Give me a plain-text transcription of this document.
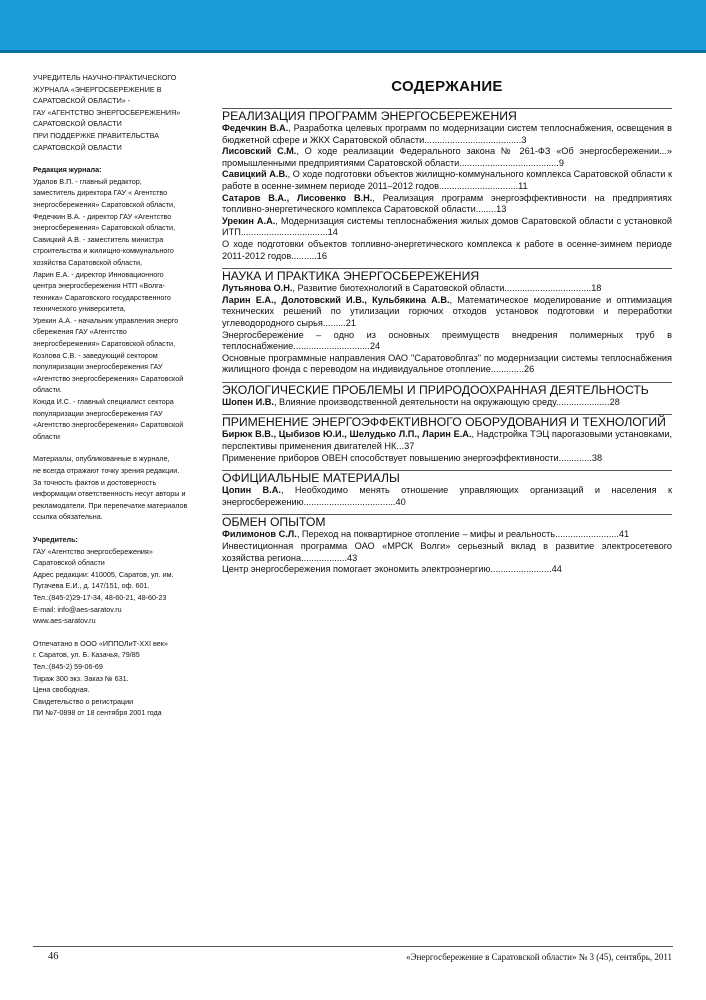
УЧРЕДИТЕЛЬ НАУЧНО-ПРАКТИЧЕСКОГО
ЖУРНАЛА «ЭНЕРГОСБЕРЕЖЕНИЕ В
САРАТОВСКОЙ ОБЛАСТИ» -
ГАУ «АГЕНТСТВО ЭНЕРГОСБЕРЕЖЕНИЯ»
САРАТОВСКОЙ ОБЛАСТИ
ПРИ ПОДДЕРЖКЕ ПРАВИТЕЛЬСТВА
САРАТОВСКОЙ ОБЛАСТИ
Редакция журнала:
Удалов В.П. - главный редактор,
заместитель директора ГАУ « Агентство
энергосбережения» Саратовской области,
Федечкин В.А. - директор ГАУ «Агентство
энергосбережения» Саратовской области,
Савицкий А.В. - заместитель министра
строительства и жилищно-коммунального
хозяйства Саратовской области,
Ларин Е.А. - директор Инновационного
центра энергосбережения НТП «Волга-
техника» Саратовского государственного
технического университета,
Урекин А.А. - начальник управления энерго
сбережения ГАУ «Агентство
энергосбережения» Саратовской области,
Козлова С.В. - заведующий сектором
популяризации энергосбережения ГАУ
«Агентство энергосбережения» Саратовской
области.
Коюда И.С. - главный специалист сектора
популяризации энергосбережения ГАУ
«Агентство энергосбережения» Саратовской
области
Материалы, опубликованные в журнале,
не всегда отражают точку зрения редакции.
За точность фактов и достоверность
информации ответственность несут авторы и
рекламодатели. При перепечатке материалов
ссылка обязательна.
Учредитель:
ГАУ «Агентство энергосбережения»
Саратовской области
Адрес редакции: 410005, Саратов, ул. им.
Пугачева Е.И., д. 147/151, оф. 601.
Тел.:(845-2)29-17-34, 48-60-21, 48-60-23
E-mail: info@aes-saratov.ru
www.aes-saratov.ru
Отпечатано в ООО «ИППОЛиТ-XXI век»
г. Саратов, ул. Б. Казачья, 79/85
Тел.:(845-2) 59-06-69
Тираж 300 экз. Заказ № 631.
Цена свободная.
Свидетельство о регистрации
ПИ №7-0898 от 18 сентября 2001 года
СОДЕРЖАНИЕ
РЕАЛИЗАЦИЯ ПРОГРАММ ЭНЕРГОСБЕРЕЖЕНИЯ
Федечкин В.А., Разработка целевых программ по модернизации систем теплоснабжения, освещения в бюджетной сфере и ЖКХ Саратовской области......................................3
Лисовский С.М., О ходе реализации Федерального закона № 261-ФЗ «Об энергосбережении...» промышленными предприятиями Саратовской области.......................................9
Савицкий А.В., О ходе подготовки объектов жилищно-коммунального комплекса Саратовской области к работе в осенне-зимнем периоде 2011–2012 годов...............................11
Сатаров В.А., Лисовенко В.Н., Реализация программ энергоэффективности на предприятиях топливно-энергетического комплекса Саратовской области........13
Урекин А.А., Модернизация системы теплоснабжения жилых домов Саратовской области с установкой ИТП..................................14
О ходе подготовки объектов топливно-энергетического комплекса к работе в осенне-зимнем периоде 2011-2012 годов..........16
НАУКА И ПРАКТИКА ЭНЕРГОСБЕРЕЖЕНИЯ
Лутьянова О.Н., Развитие биотехнологий в Саратовской области..................................18
Ларин Е.А., Долотовский И.В., Кульбякина А.В., Математическое моделирование и оптимизация технических решений по утилизации горючих отходов установок подготовки и переработки углеводородного сырья.........21
Энергосбережение – одно из основных преимуществ внедрения полимерных труб в теплоснабжение..............................24
Основные программные направления ОАО "Саратовоблгаз" по модернизации системы теплоснабжения жилищного фонда с переводом на индивидуальное отопление.............26
ЭКОЛОГИЧЕСКИЕ ПРОБЛЕМЫ И ПРИРОДООХРАННАЯ ДЕЯТЕЛЬНОСТЬ
Шопен И.В., Влияние производственной деятельности на окружающую среду.....................28
ПРИМЕНЕНИЕ ЭНЕРГОЭФФЕКТИВНОГО ОБОРУДОВАНИЯ И ТЕХНОЛОГИЙ
Бирюк В.В., Цыбизов Ю.И., Шелудько Л.П., Ларин Е.А., Надстройка ТЭЦ парогазовыми установками, перспективы применения двигателей НК...37
Применение приборов ОВЕН способствует повышению энергоэффективности.............38
ОФИЦИАЛЬНЫЕ МАТЕРИАЛЫ
Цопин В.А., Необходимо менять отношение управляющих организаций и населения к энергосбережению....................................40
ОБМЕН ОПЫТОМ
Филимонов С.Л., Переход на поквартирное отопление – мифы и реальность.........................41
Инвестиционная программа ОАО «МРСК Волги» серьезный вклад в развитие электросетевого хозяйства региона..................43
Центр энергосбережения помогает экономить электроэнергию........................44
46	«Энергосбережение в Саратовской области» № 3 (45), сентябрь, 2011
